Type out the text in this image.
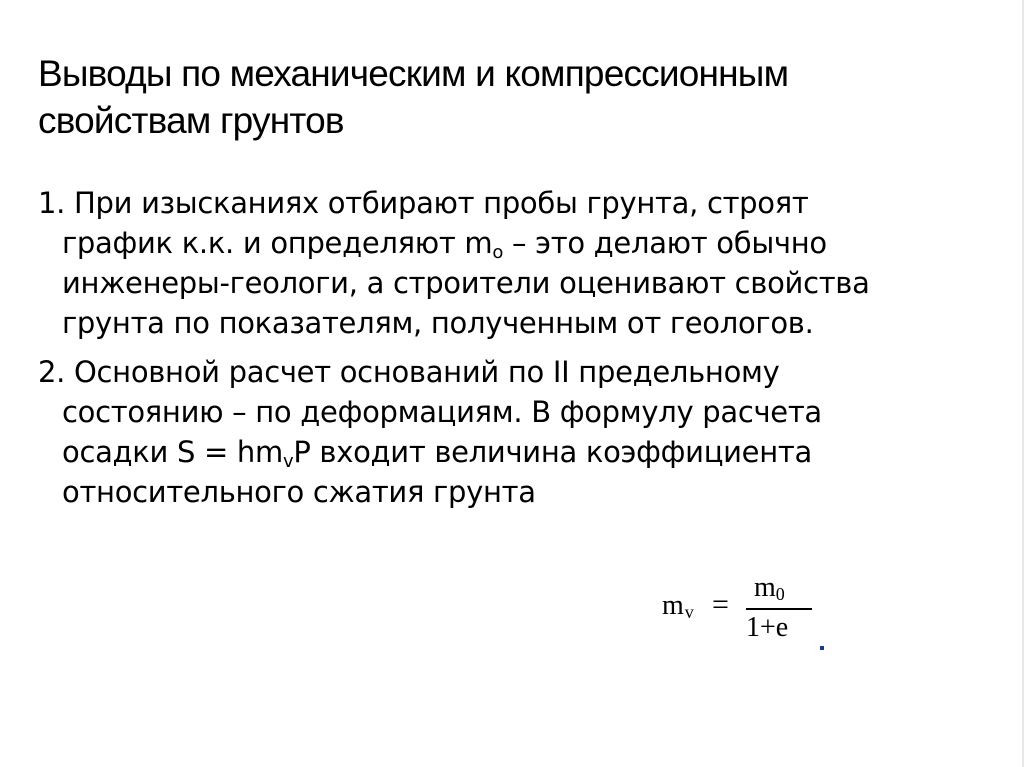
Выводы по механическим и компрессионным
свойствам грунтов
1. При изысканиях отбирают пробы грунта, строят
график к.к. и определяют $m_o$ – это делают обычно
инженеры-геологи, а строители оценивают свойства
грунта по показателям, полученным от геологов.
2. Основной расчет оснований по II предельному
состоянию – по деформациям. В формулу расчета
осадки $S = hm_vP$ входит величина коэффициента
относительного сжатия грунта
$m_v$ =
$m_0$
1+e
